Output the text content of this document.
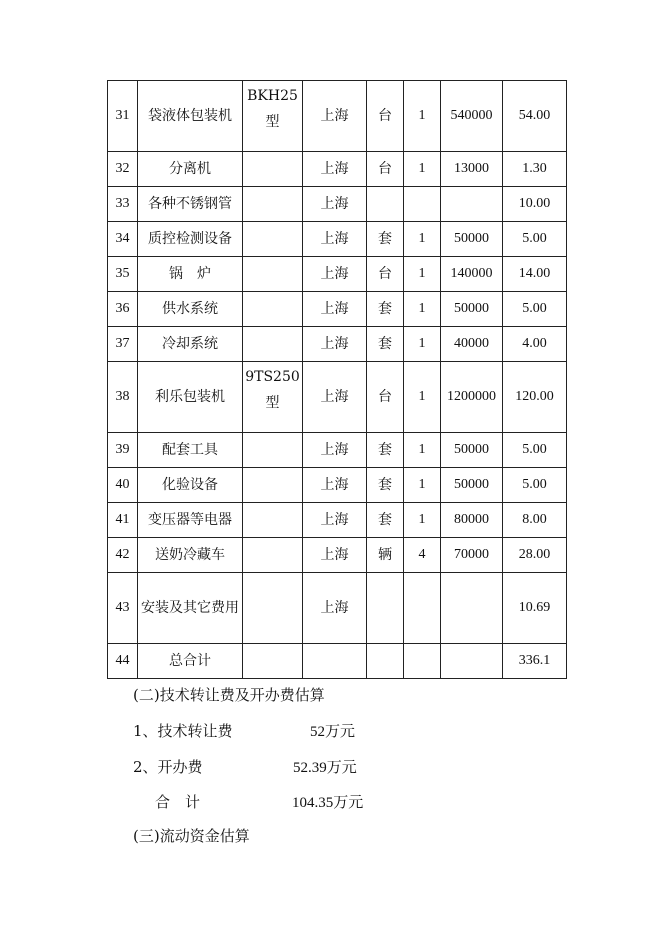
31	袋液体包装机	BKH25型	上海	台	1	540000	54.00
32	分离机		上海	台	1	13000	1.30
33	各种不锈钢管		上海				10.00
34	质控检测设备		上海	套	1	50000	5.00
35	锅　炉		上海	台	1	140000	14.00
36	供水系统		上海	套	1	50000	5.00
37	冷却系统		上海	套	1	40000	4.00
38	利乐包装机	9TS250型	上海	台	1	1200000	120.00
39	配套工具		上海	套	1	50000	5.00
40	化验设备		上海	套	1	50000	5.00
41	变压器等电器		上海	套	1	80000	8.00
42	送奶冷藏车		上海	辆	4	70000	28.00
43	安装及其它费用		上海				10.69
44	总合计						336.1
(二)技术转让费及开办费估算
1、技术转让费	52万元
2、开办费	52.39万元
合　计	104.35万元
(三)流动资金估算
